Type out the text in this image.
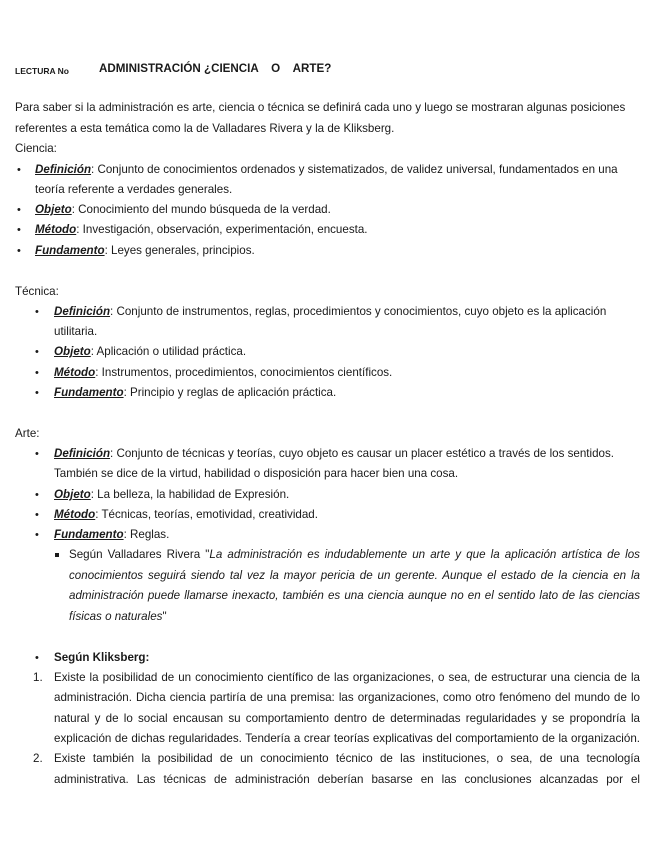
LECTURA No	ADMINISTRACIÓN ¿CIENCIA    O    ARTE?
Para saber si la administración es arte, ciencia o técnica se definirá cada uno y luego se mostraran algunas posiciones
referentes a esta temática como la de Valladares Rivera y la de Kliksberg.
Ciencia:
• Definición: Conjunto de conocimientos ordenados y sistematizados, de validez universal, fundamentados en una
teoría referente a verdades generales.
• Objeto: Conocimiento del mundo búsqueda de la verdad.
• Método: Investigación, observación, experimentación, encuesta.
• Fundamento: Leyes generales, principios.
Técnica:
• Definición: Conjunto de instrumentos, reglas, procedimientos y conocimientos, cuyo objeto es la aplicación
utilitaria.
• Objeto: Aplicación o utilidad práctica.
• Método: Instrumentos, procedimientos, conocimientos científicos.
• Fundamento: Principio y reglas de aplicación práctica.
Arte:
• Definición: Conjunto de técnicas y teorías, cuyo objeto es causar un placer estético a través de los sentidos.
También se dice de la virtud, habilidad o disposición para hacer bien una cosa.
• Objeto: La belleza, la habilidad de Expresión.
• Método: Técnicas, teorías, emotividad, creatividad.
• Fundamento: Reglas.
Según Valladares Rivera "La administración es indudablemente un arte y que la aplicación artística de los
conocimientos seguirá siendo tal vez la mayor pericia de un gerente. Aunque el estado de la ciencia en la
administración puede llamarse inexacto, también es una ciencia aunque no en el sentido lato de las ciencias
físicas o naturales"
• Según Kliksberg:
1. Existe la posibilidad de un conocimiento científico de las organizaciones, o sea, de estructurar una ciencia de la
administración. Dicha ciencia partiría de una premisa: las organizaciones, como otro fenómeno del mundo de lo
natural y de lo social encausan su comportamiento dentro de determinadas regularidades y se propondría la
explicación de dichas regularidades. Tendería a crear teorías explicativas del comportamiento de la organización.
2. Existe también la posibilidad de un conocimiento técnico de las instituciones, o sea, de una tecnología
administrativa. Las técnicas de administración deberían basarse en las conclusiones alcanzadas por el
